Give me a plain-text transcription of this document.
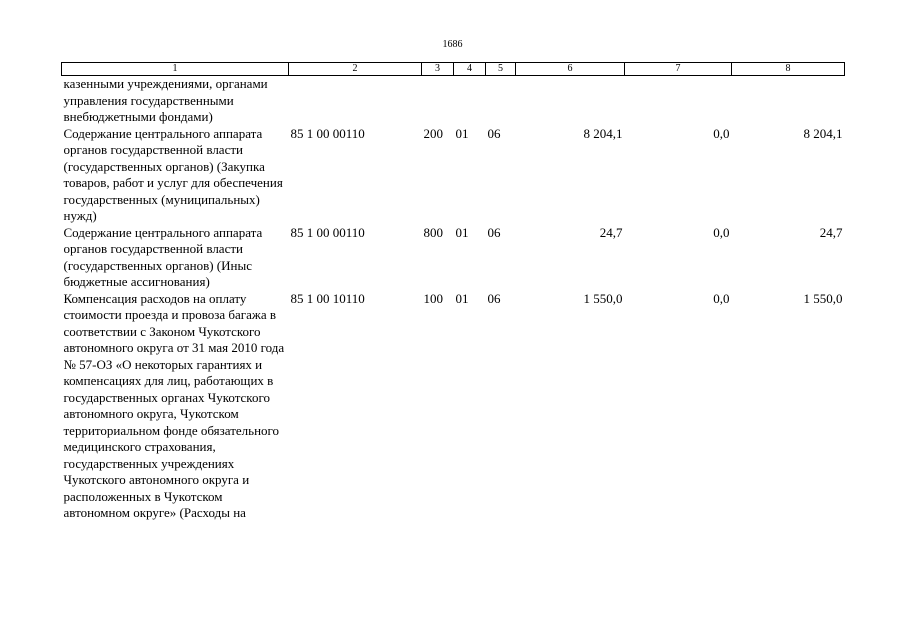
1686
1	2	3	4	5	6	7	8
казенными учреждениями, органами управления государственными внебюджетными фондами)							
Содержание центрального аппарата органов государственной власти (государственных органов) (Закупка товаров, работ и услуг для обеспечения государственных (муниципальных) нужд)	85 1 00 00110	200	01	06	8 204,1	0,0	8 204,1
Содержание центрального аппарата органов государственной власти (государственных органов) (Иныс бюджетные ассигнования)	85 1 00 00110	800	01	06	24,7	0,0	24,7
Компенсация расходов на оплату стоимости проезда и провоза багажа в соответствии с Законом Чукотского автономного округа от 31 мая 2010 года № 57-ОЗ «О некоторых гарантиях и компенсациях для лиц, работающих в государственных органах Чукотского автономного округа, Чукотском территориальном фонде обязательного медицинского страхования, государственных учреждениях Чукотского автономного округа и расположенных в Чукотском автономном округе» (Расходы на	85 1 00 10110	100	01	06	1 550,0	0,0	1 550,0
